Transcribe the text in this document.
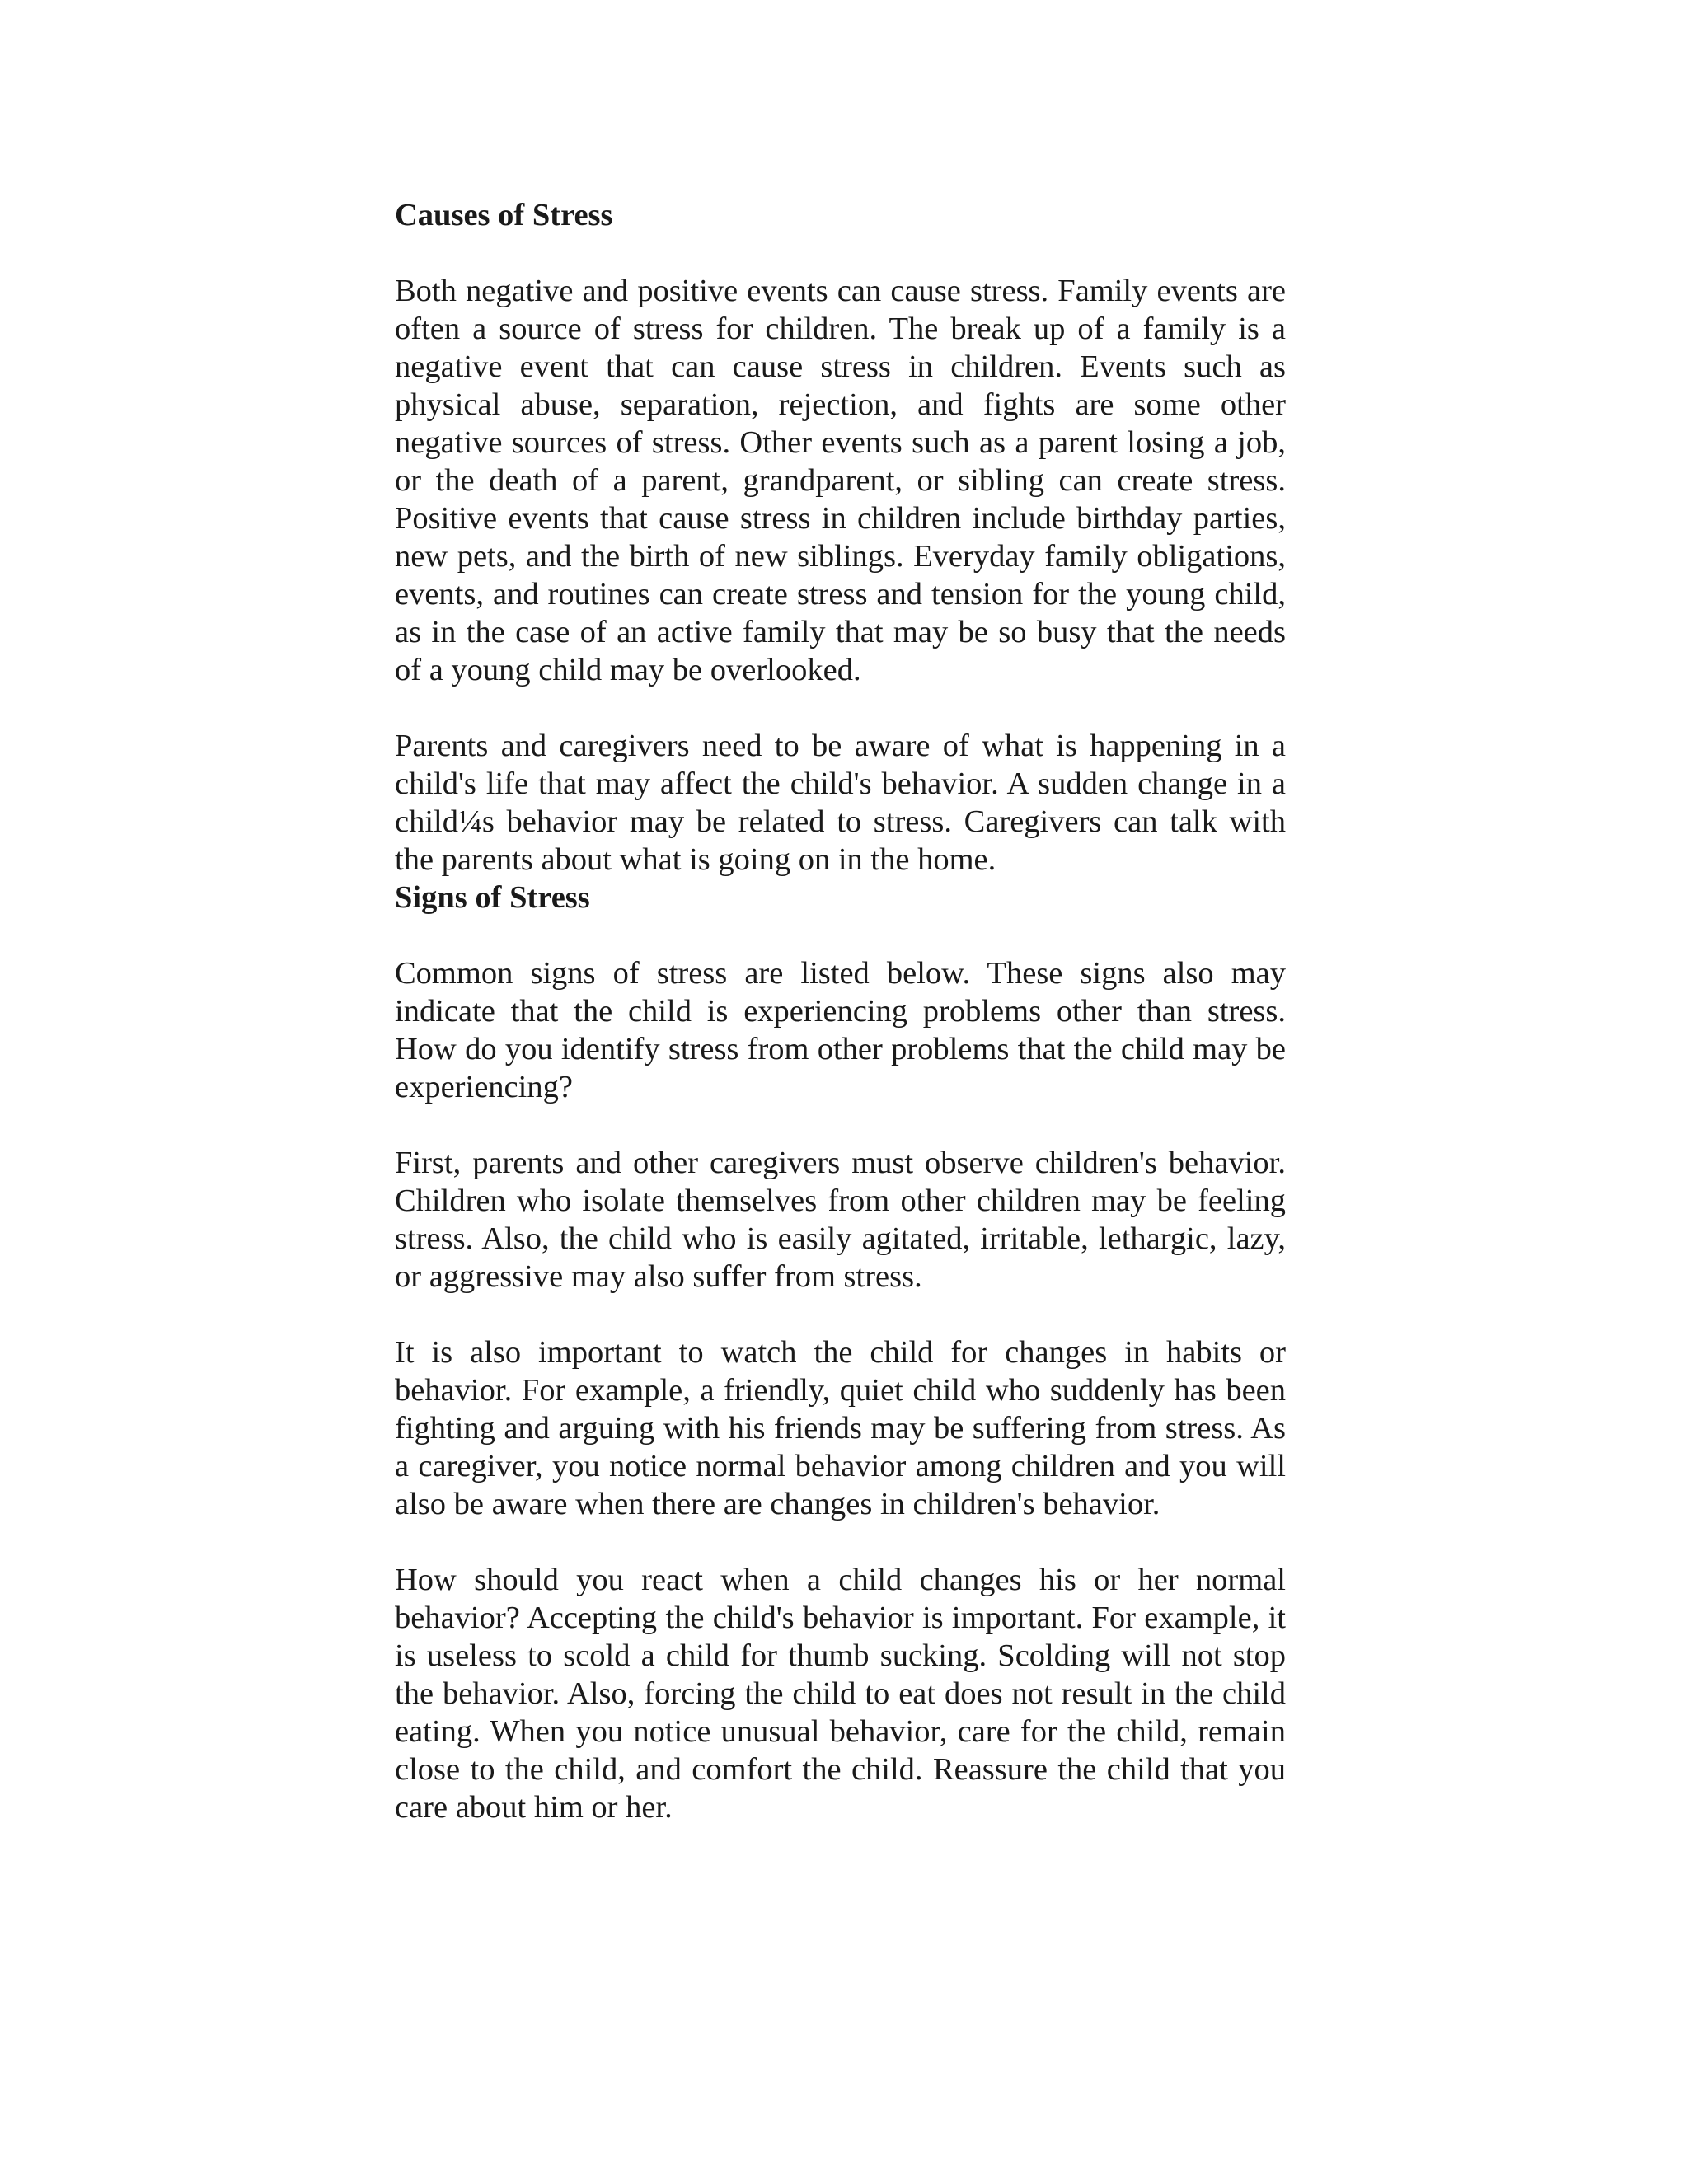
Causes of Stress

Both negative and positive events can cause stress. Family events are often a source of stress for children. The break up of a family is a negative event that can cause stress in children. Events such as physical abuse, separation, rejection, and fights are some other negative sources of stress. Other events such as a parent losing a job, or the death of a parent, grandparent, or sibling can create stress. Positive events that cause stress in children include birthday parties, new pets, and the birth of new siblings. Everyday family obligations, events, and routines can create stress and tension for the young child, as in the case of an active family that may be so busy that the needs of a young child may be overlooked.

Parents and caregivers need to be aware of what is happening in a child's life that may affect the child's behavior. A sudden change in a child¼s behavior may be related to stress. Caregivers can talk with the parents about what is going on in the home.

Signs of Stress

Common signs of stress are listed below. These signs also may indicate that the child is experiencing problems other than stress. How do you identify stress from other problems that the child may be experiencing?

First, parents and other caregivers must observe children's behavior. Children who isolate themselves from other children may be feeling stress. Also, the child who is easily agitated, irritable, lethargic, lazy, or aggressive may also suffer from stress.

It is also important to watch the child for changes in habits or behavior. For example, a friendly, quiet child who suddenly has been fighting and arguing with his friends may be suffering from stress. As a caregiver, you notice normal behavior among children and you will also be aware when there are changes in children's behavior.

How should you react when a child changes his or her normal behavior? Accepting the child's behavior is important. For example, it is useless to scold a child for thumb sucking. Scolding will not stop the behavior. Also, forcing the child to eat does not result in the child eating. When you notice unusual behavior, care for the child, remain close to the child, and comfort the child. Reassure the child that you care about him or her.
